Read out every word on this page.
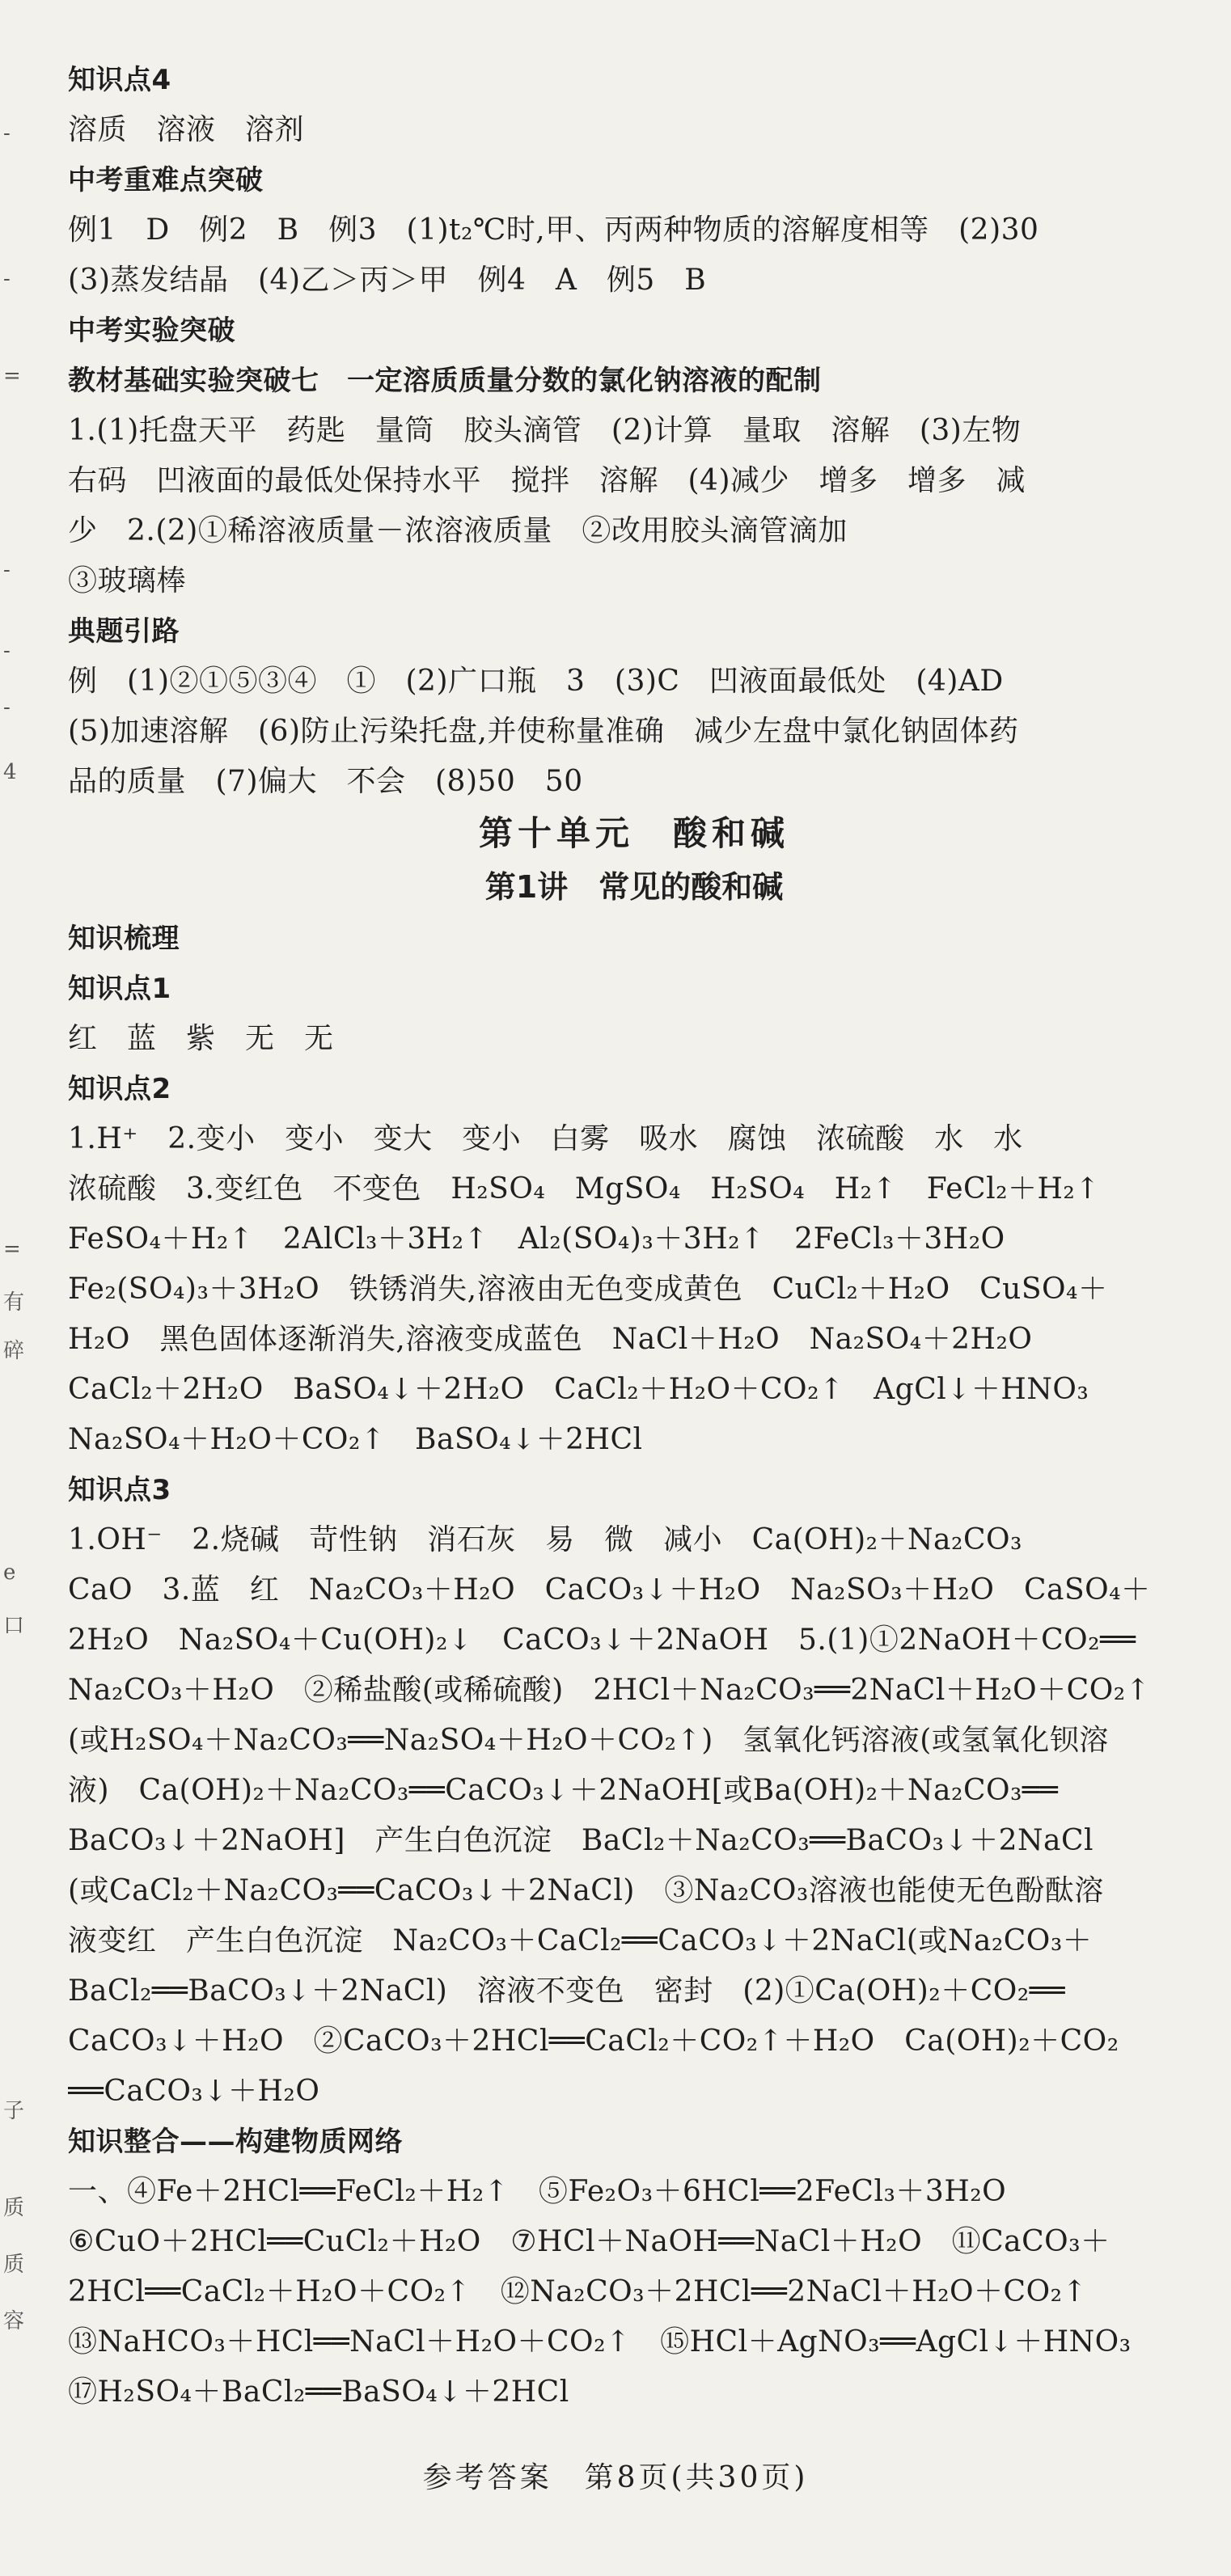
-
-
=
-
-
-
4
=
有
碎
e
口
子
质
质
容
知识点4
溶质　溶液　溶剂
中考重难点突破
例1　D　例2　B　例3　(1)t₂℃时,甲、丙两种物质的溶解度相等　(2)30
(3)蒸发结晶　(4)乙＞丙＞甲　例4　A　例5　B
中考实验突破
教材基础实验突破七　一定溶质质量分数的氯化钠溶液的配制
1.(1)托盘天平　药匙　量筒　胶头滴管　(2)计算　量取　溶解　(3)左物
右码　凹液面的最低处保持水平　搅拌　溶解　(4)减少　增多　增多　减
少　2.(2)①稀溶液质量－浓溶液质量　②改用胶头滴管滴加
③玻璃棒
典题引路
例　(1)②①⑤③④　①　(2)广口瓶　3　(3)C　凹液面最低处　(4)AD
(5)加速溶解　(6)防止污染托盘,并使称量准确　减少左盘中氯化钠固体药
品的质量　(7)偏大　不会　(8)50　50
第十单元　酸和碱
第1讲　常见的酸和碱
知识梳理
知识点1
红　蓝　紫　无　无
知识点2
1.H⁺　2.变小　变小　变大　变小　白雾　吸水　腐蚀　浓硫酸　水　水
浓硫酸　3.变红色　不变色　H₂SO₄　MgSO₄　H₂SO₄　H₂↑　FeCl₂＋H₂↑
FeSO₄＋H₂↑　2AlCl₃＋3H₂↑　Al₂(SO₄)₃＋3H₂↑　2FeCl₃＋3H₂O
Fe₂(SO₄)₃＋3H₂O　铁锈消失,溶液由无色变成黄色　CuCl₂＋H₂O　CuSO₄＋
H₂O　黑色固体逐渐消失,溶液变成蓝色　NaCl＋H₂O　Na₂SO₄＋2H₂O
CaCl₂＋2H₂O　BaSO₄↓＋2H₂O　CaCl₂＋H₂O＋CO₂↑　AgCl↓＋HNO₃
Na₂SO₄＋H₂O＋CO₂↑　BaSO₄↓＋2HCl
知识点3
1.OH⁻　2.烧碱　苛性钠　消石灰　易　微　减小　Ca(OH)₂＋Na₂CO₃
CaO　3.蓝　红　Na₂CO₃＋H₂O　CaCO₃↓＋H₂O　Na₂SO₃＋H₂O　CaSO₄＋
2H₂O　Na₂SO₄＋Cu(OH)₂↓　CaCO₃↓＋2NaOH　5.(1)①2NaOH＋CO₂══
Na₂CO₃＋H₂O　②稀盐酸(或稀硫酸)　2HCl＋Na₂CO₃══2NaCl＋H₂O＋CO₂↑
(或H₂SO₄＋Na₂CO₃══Na₂SO₄＋H₂O＋CO₂↑)　氢氧化钙溶液(或氢氧化钡溶
液)　Ca(OH)₂＋Na₂CO₃══CaCO₃↓＋2NaOH[或Ba(OH)₂＋Na₂CO₃══
BaCO₃↓＋2NaOH]　产生白色沉淀　BaCl₂＋Na₂CO₃══BaCO₃↓＋2NaCl
(或CaCl₂＋Na₂CO₃══CaCO₃↓＋2NaCl)　③Na₂CO₃溶液也能使无色酚酞溶
液变红　产生白色沉淀　Na₂CO₃＋CaCl₂══CaCO₃↓＋2NaCl(或Na₂CO₃＋
BaCl₂══BaCO₃↓＋2NaCl)　溶液不变色　密封　(2)①Ca(OH)₂＋CO₂══
CaCO₃↓＋H₂O　②CaCO₃＋2HCl══CaCl₂＋CO₂↑＋H₂O　Ca(OH)₂＋CO₂
══CaCO₃↓＋H₂O
知识整合——构建物质网络
一、④Fe＋2HCl══FeCl₂＋H₂↑　⑤Fe₂O₃＋6HCl══2FeCl₃＋3H₂O
⑥CuO＋2HCl══CuCl₂＋H₂O　⑦HCl＋NaOH══NaCl＋H₂O　⑪CaCO₃＋
2HCl══CaCl₂＋H₂O＋CO₂↑　⑫Na₂CO₃＋2HCl══2NaCl＋H₂O＋CO₂↑
⑬NaHCO₃＋HCl══NaCl＋H₂O＋CO₂↑　⑮HCl＋AgNO₃══AgCl↓＋HNO₃
⑰H₂SO₄＋BaCl₂══BaSO₄↓＋2HCl
参考答案　第8页(共30页)
